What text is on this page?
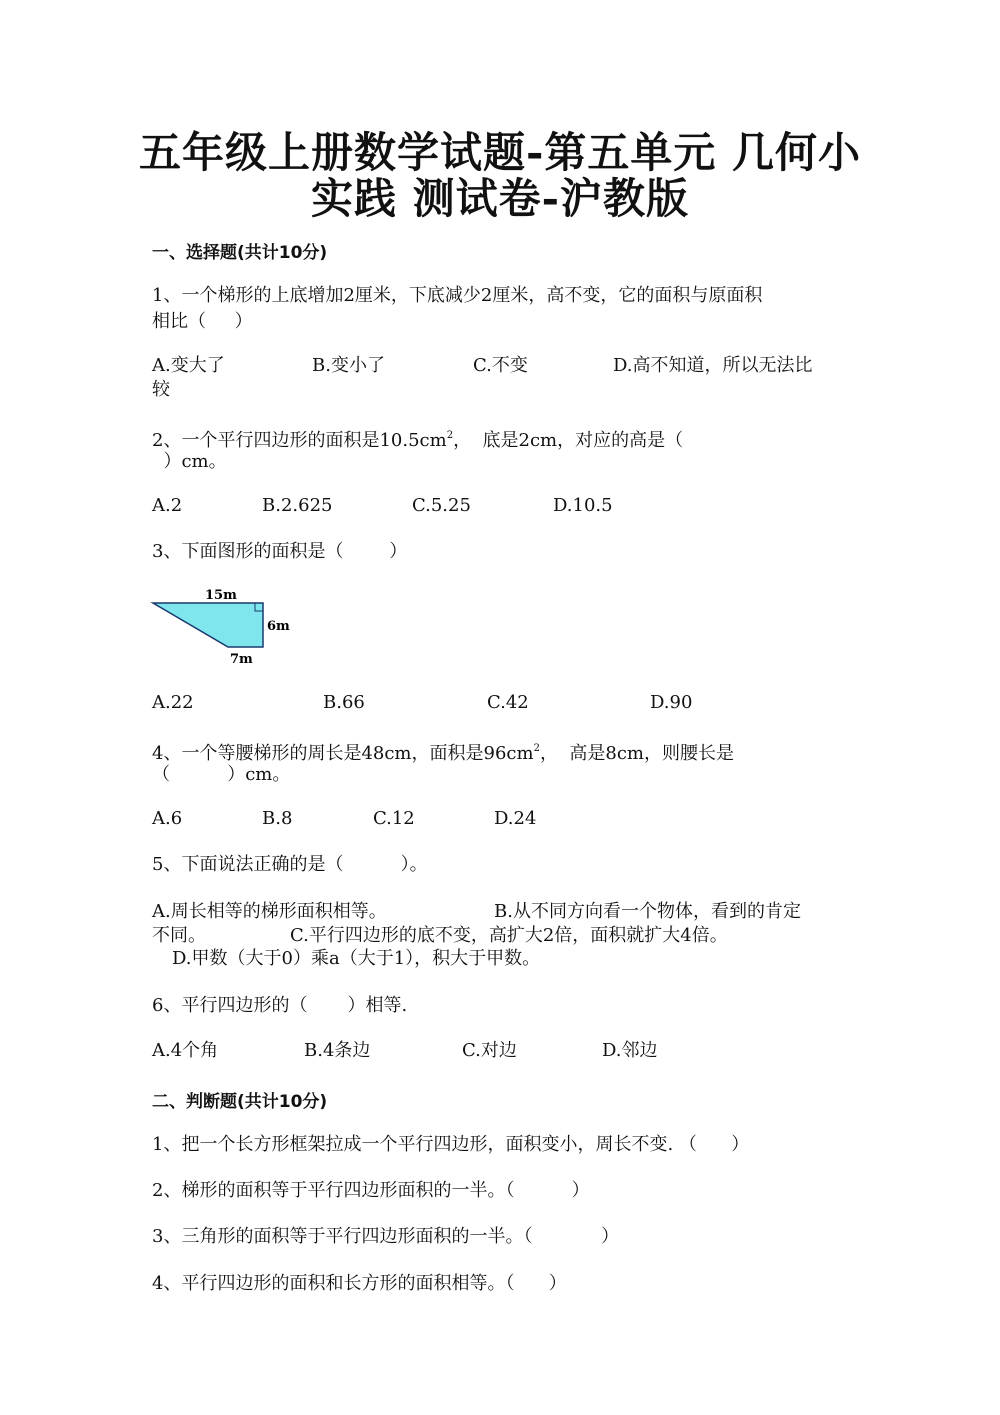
五年级上册数学试题-第五单元 几何小
实践 测试卷-沪教版
一、选择题(共计10分)
1、一个梯形的上底增加2厘米，下底减少2厘米，高不变，它的面积与原面积
相比（     ）
A.变大了	B.变小了	C.不变	D.高不知道，所以无法比
较
2、一个平行四边形的面积是$10.5cm^2$，  底是2cm，对应的高是（
）cm。
A.2	B.2.625	C.5.25	D.10.5
3、下面图形的面积是（        ）
15m
6m
7m
A.22	B.66	C.42	D.90
4、一个等腰梯形的周长是48cm，面积是$96cm^2$，  高是8cm，则腰长是
（          ）cm。
A.6	B.8	C.12	D.24
5、下面说法正确的是（          ）。
A.周长相等的梯形面积相等。	B.从不同方向看一个物体，看到的肯定
不同。	C.平行四边形的底不变，高扩大2倍，面积就扩大4倍。
D.甲数（大于0）乘a（大于1），积大于甲数。
6、平行四边形的（       ）相等.
A.4个角	B.4条边	C.对边	D.邻边
二、判断题(共计10分)
1、把一个长方形框架拉成一个平行四边形，面积变小，周长不变. （      ）
2、梯形的面积等于平行四边形面积的一半。（          ）
3、三角形的面积等于平行四边形面积的一半。（            ）
4、平行四边形的面积和长方形的面积相等。（      ）
